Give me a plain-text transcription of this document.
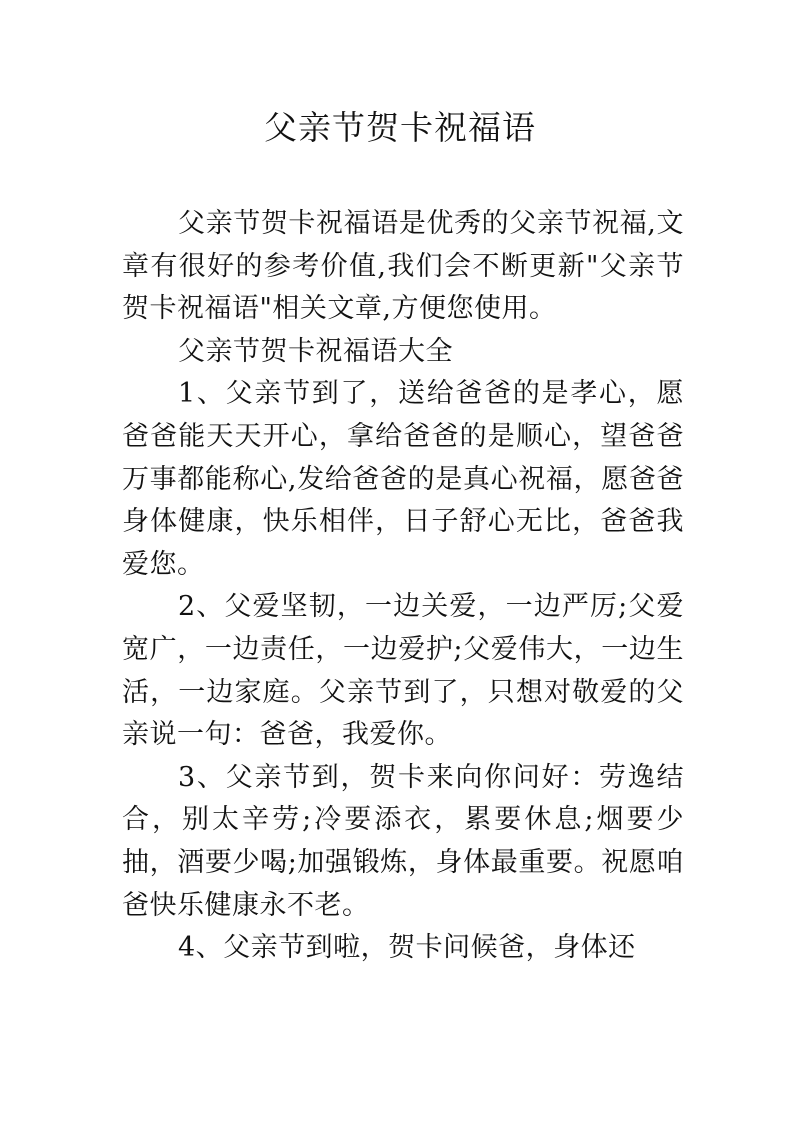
父亲节贺卡祝福语

父亲节贺卡祝福语是优秀的父亲节祝福,文章有很好的参考价值,我们会不断更新"父亲节贺卡祝福语"相关文章,方便您使用。

父亲节贺卡祝福语大全

1、父亲节到了，送给爸爸的是孝心，愿爸爸能天天开心，拿给爸爸的是顺心，望爸爸万事都能称心,发给爸爸的是真心祝福，愿爸爸身体健康，快乐相伴，日子舒心无比，爸爸我爱您。

2、父爱坚韧，一边关爱，一边严厉;父爱宽广，一边责任，一边爱护;父爱伟大，一边生活，一边家庭。父亲节到了，只想对敬爱的父亲说一句：爸爸，我爱你。

3、父亲节到，贺卡来向你问好：劳逸结合，别太辛劳;冷要添衣，累要休息;烟要少抽，酒要少喝;加强锻炼，身体最重要。祝愿咱爸快乐健康永不老。

4、父亲节到啦，贺卡问候爸，身体还
